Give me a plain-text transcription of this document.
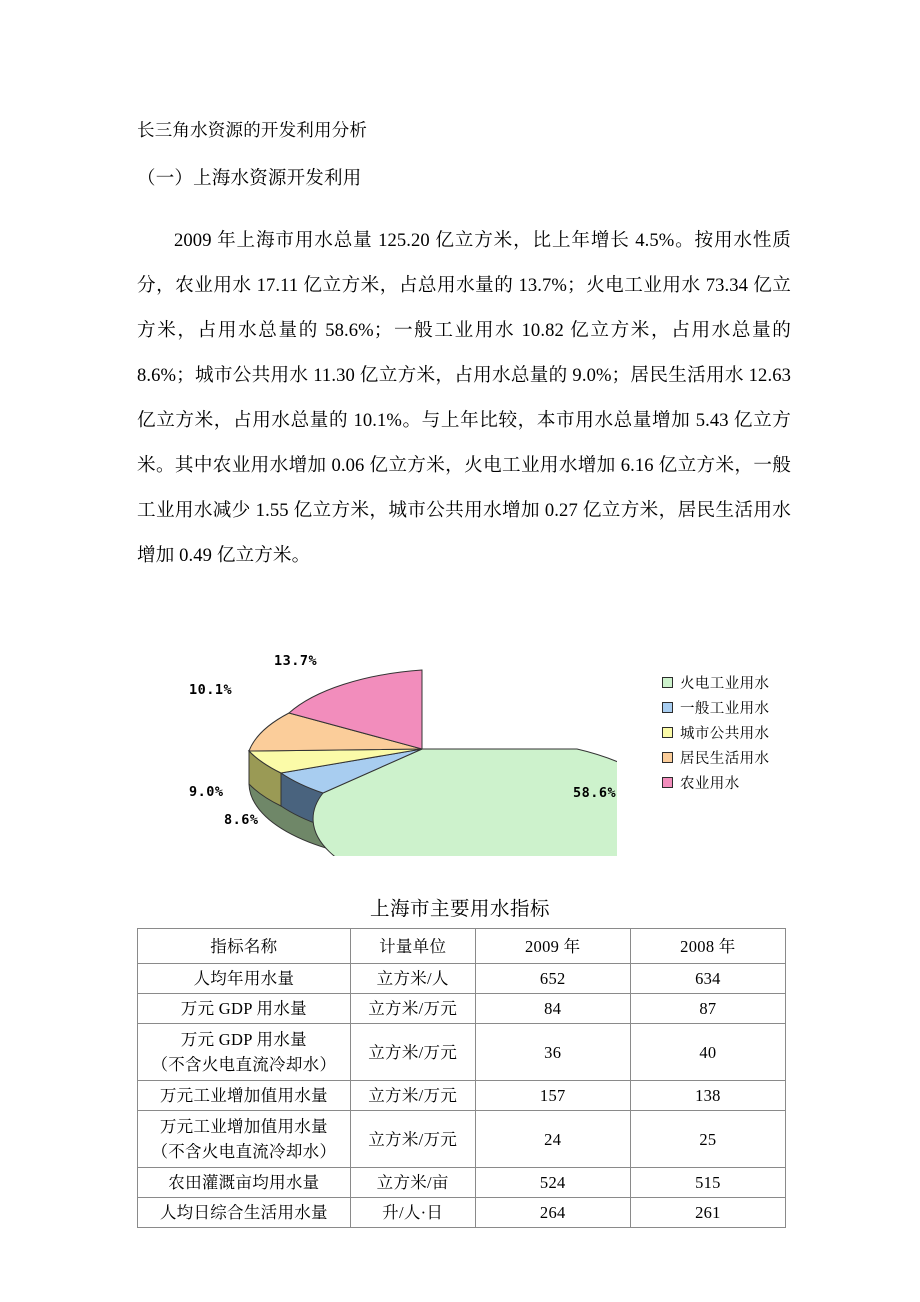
长三角水资源的开发利用分析
（一）上海水资源开发利用
2009 年上海市用水总量 125.20 亿立方米，比上年增长 4.5%。按用水性质分，农业用水 17.11 亿立方米，占总用水量的 13.7%；火电工业用水 73.34 亿立方米，占用水总量的 58.6%；一般工业用水 10.82 亿立方米，占用水总量的 8.6%；城市公共用水 11.30 亿立方米，占用水总量的 9.0%；居民生活用水 12.63 亿立方米，占用水总量的 10.1%。与上年比较，本市用水总量增加 5.43 亿立方米。其中农业用水增加 0.06 亿立方米，火电工业用水增加 6.16 亿立方米，一般工业用水减少 1.55 亿立方米，城市公共用水增加 0.27 亿立方米，居民生活用水增加 0.49 亿立方米。
13.7%
10.1%
9.0%
8.6%
58.6%
火电工业用水
一般工业用水
城市公共用水
居民生活用水
农业用水
上海市主要用水指标
指标名称	计量单位	2009 年	2008 年
人均年用水量	立方米/人	652	634
万元 GDP 用水量	立方米/万元	84	87

万元 GDP 用水量
（不含火电直流冷却水）	立方米/万元	36	40
万元工业增加值用水量	立方米/万元	157	138

万元工业增加值用水量
（不含火电直流冷却水）	立方米/万元	24	25
农田灌溉亩均用水量	立方米/亩	524	515
人均日综合生活用水量	升/人·日	264	261
